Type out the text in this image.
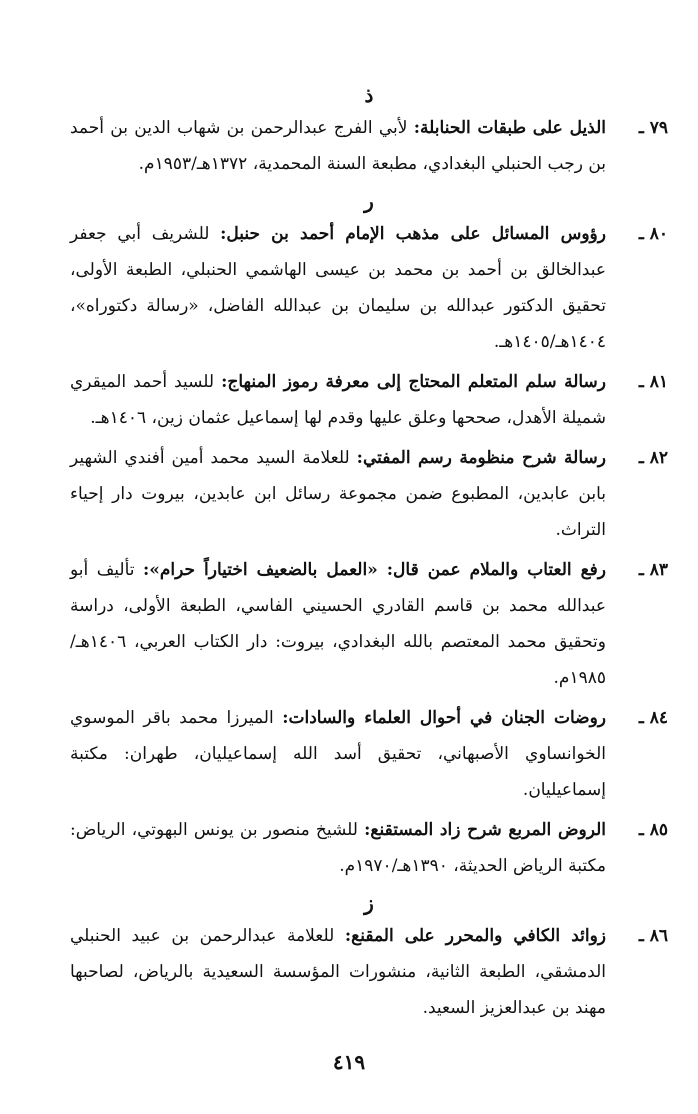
ذ

٧٩ ـ
الذيل على طبقات الحنابلة: لأبي الفرج عبدالرحمن بن شهاب الدين بن أحمد بن رجب الحنبلي البغدادي، مطبعة السنة المحمدية، ١٣٧٢هـ/١٩٥٣م.

ر

٨٠ ـ
رؤوس المسائل على مذهب الإمام أحمد بن حنبل: للشريف أبي جعفر عبدالخالق بن أحمد بن محمد بن عيسى الهاشمي الحنبلي، الطبعة الأولى، تحقيق الدكتور عبدالله بن سليمان بن عبدالله الفاضل، «رسالة دكتوراه»، ١٤٠٤هـ/١٤٠٥هـ.

٨١ ـ
رسالة سلم المتعلم المحتاج إلى معرفة رموز المنهاج: للسيد أحمد الميقري شميلة الأهدل، صححها وعلق عليها وقدم لها إسماعيل عثمان زين، ١٤٠٦هـ.

٨٢ ـ
رسالة شرح منظومة رسم المفتي: للعلامة السيد محمد أمين أفندي الشهير بابن عابدين، المطبوع ضمن مجموعة رسائل ابن عابدين، بيروت دار إحياء التراث.

٨٣ ـ
رفع العتاب والملام عمن قال: «العمل بالضعيف اختياراً حرام»: تأليف أبو عبدالله محمد بن قاسم القادري الحسيني الفاسي، الطبعة الأولى، دراسة وتحقيق محمد المعتصم بالله البغدادي، بيروت: دار الكتاب العربي، ١٤٠٦هـ/١٩٨٥م.

٨٤ ـ
روضات الجنان في أحوال العلماء والسادات: الميرزا محمد باقر الموسوي الخوانساوي الأصبهاني، تحقيق أسد الله إسماعيليان، طهران: مكتبة إسماعيليان.

٨٥ ـ
الروض المربع شرح زاد المستقنع: للشيخ منصور بن يونس البهوتي، الرياض: مكتبة الرياض الحديثة، ١٣٩٠هـ/١٩٧٠م.

ز

٨٦ ـ
زوائد الكافي والمحرر على المقنع: للعلامة عبدالرحمن بن عبيد الحنبلي الدمشقي، الطبعة الثانية، منشورات المؤسسة السعيدية بالرياض، لصاحبها مهند بن عبدالعزيز السعيد.

٤١٩
